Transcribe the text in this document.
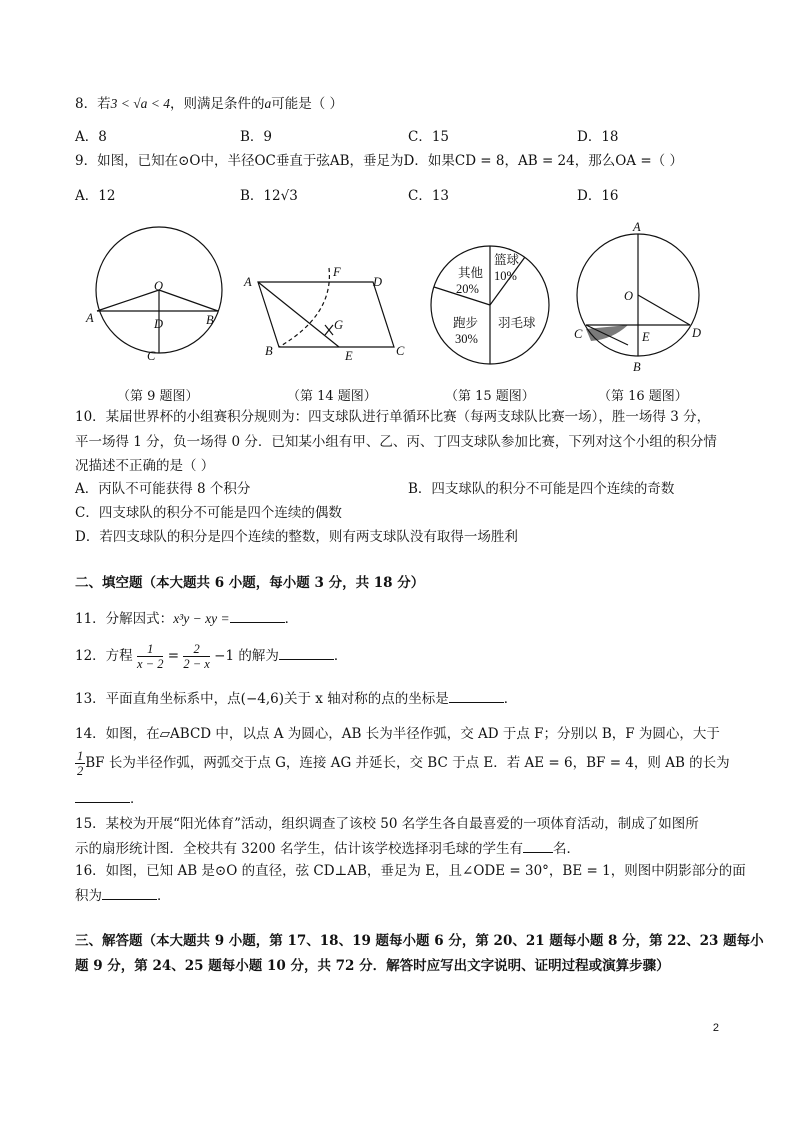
8．若3 < √a < 4，则满足条件的a可能是（ ）
A．8	B．9	C．15	D．18
9．如图，已知在⊙O中，半径OC垂直于弦AB，垂足为D．如果CD = 8，AB = 24，那么OA =（ ）
A．12	B．12√3	C．13	D．16
O
A	B
D
C
A
F
D
G
B	E	C
篮球
10%
其他
20%
跑步
30%
羽毛球
A
O
C	E	D
B
（第 9 题图）	（第 14 题图）	（第 15 题图）	（第 16 题图）
10．某届世界杯的小组赛积分规则为：四支球队进行单循环比赛（每两支球队比赛一场），胜一场得 3 分，
平一场得 1 分，负一场得 0 分．已知某小组有甲、乙、丙、丁四支球队参加比赛，下列对这个小组的积分情
况描述不正确的是（ ）
A．丙队不可能获得 8 个积分	B．四支球队的积分不可能是四个连续的奇数
C．四支球队的积分不可能是四个连续的偶数
D．若四支球队的积分是四个连续的整数，则有两支球队没有取得一场胜利
二、填空题（本大题共 6 小题，每小题 3 分，共 18 分）
11．分解因式：x³y − xy =	．
12．方程 $\frac{1}{x - 2} = \frac{2}{2 - x} -1$ 的解为	．
13．平面直角坐标系中，点(−4,6)关于 x 轴对称的点的坐标是	．
14．如图，在▱ABCD 中，以点 A 为圆心，AB 长为半径作弧，交 AD 于点 F；分别以 B，F 为圆心，大于
$\frac{1}{2}$ BF 长为半径作弧，两弧交于点 G，连接 AG 并延长，交 BC 于点 E．若 AE = 6，BF = 4，则 AB 的长为
．
15．某校为开展“阳光体育”活动，组织调查了该校 50 名学生各自最喜爱的一项体育活动，制成了如图所
示的扇形统计图．全校共有 3200 名学生，估计该学校选择羽毛球的学生有 名．
16．如图，已知 AB 是⊙O 的直径，弦 CD⊥AB，垂足为 E，且∠ODE = 30°，BE = 1，则图中阴影部分的面
积为	．
三、解答题（本大题共 9 小题，第 17、18、19 题每小题 6 分，第 20、21 题每小题 8 分，第 22、23 题每小
题 9 分，第 24、25 题每小题 10 分，共 72 分．解答时应写出文字说明、证明过程或演算步骤）
2
